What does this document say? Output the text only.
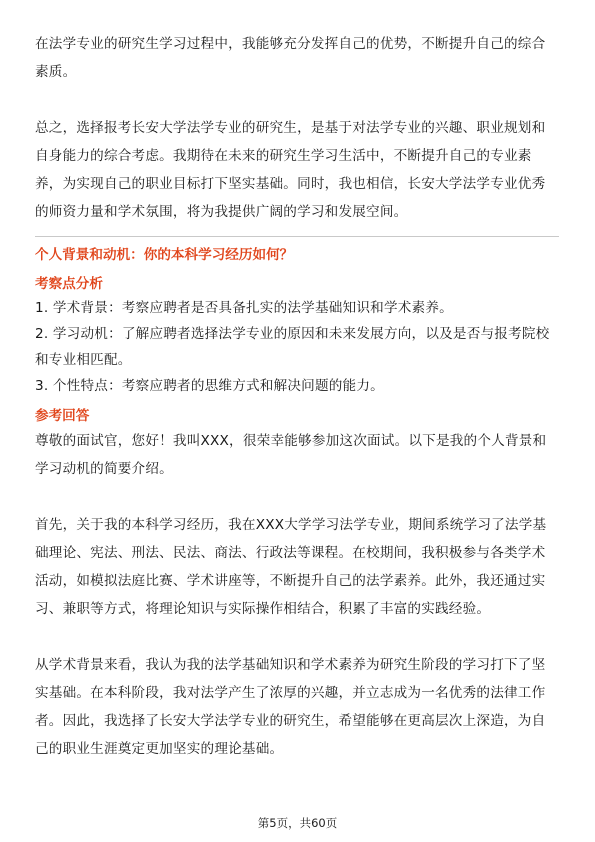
在法学专业的研究生学习过程中，我能够充分发挥自己的优势，不断提升自己的综合素质。

总之，选择报考长安大学法学专业的研究生，是基于对法学专业的兴趣、职业规划和自身能力的综合考虑。我期待在未来的研究生学习生活中，不断提升自己的专业素养，为实现自己的职业目标打下坚实基础。同时，我也相信，长安大学法学专业优秀的师资力量和学术氛围，将为我提供广阔的学习和发展空间。

个人背景和动机：你的本科学习经历如何？

考察点分析

1. 学术背景：考察应聘者是否具备扎实的法学基础知识和学术素养。

2. 学习动机：了解应聘者选择法学专业的原因和未来发展方向，以及是否与报考院校和专业相匹配。

3. 个性特点：考察应聘者的思维方式和解决问题的能力。

参考回答

尊敬的面试官，您好！我叫XXX，很荣幸能够参加这次面试。以下是我的个人背景和学习动机的简要介绍。

首先，关于我的本科学习经历，我在XXX大学学习法学专业，期间系统学习了法学基础理论、宪法、刑法、民法、商法、行政法等课程。在校期间，我积极参与各类学术活动，如模拟法庭比赛、学术讲座等，不断提升自己的法学素养。此外，我还通过实习、兼职等方式，将理论知识与实际操作相结合，积累了丰富的实践经验。

从学术背景来看，我认为我的法学基础知识和学术素养为研究生阶段的学习打下了坚实基础。在本科阶段，我对法学产生了浓厚的兴趣，并立志成为一名优秀的法律工作者。因此，我选择了长安大学法学专业的研究生，希望能够在更高层次上深造，为自己的职业生涯奠定更加坚实的理论基础。

第5页，共60页
